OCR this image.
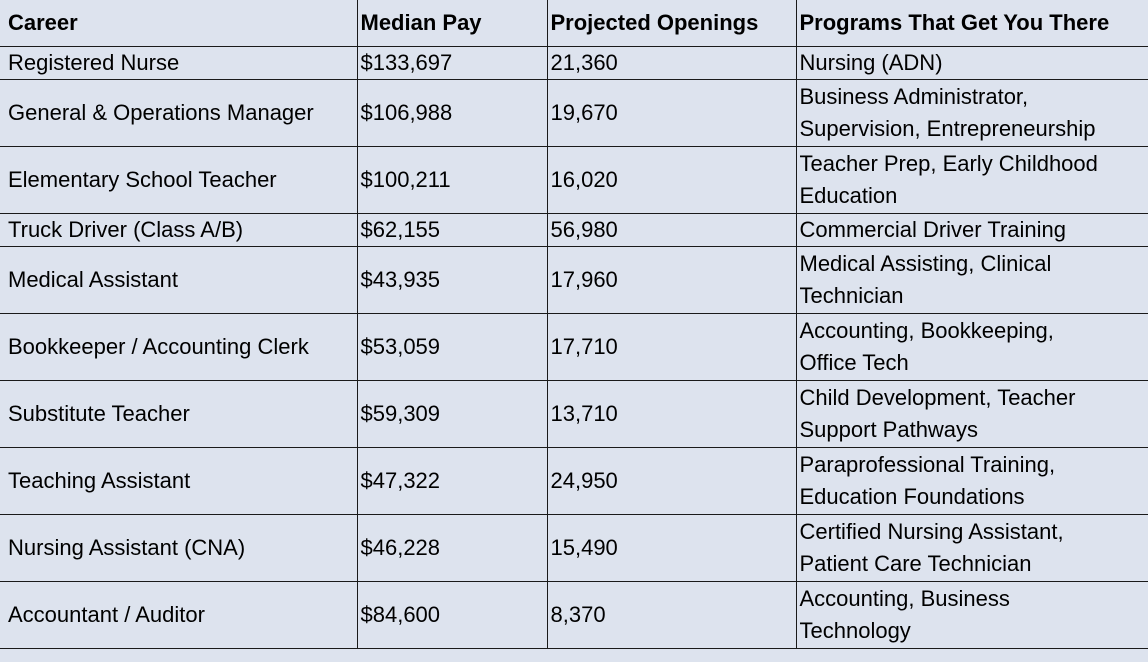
Career	Median Pay	Projected Openings	Programs That Get You There
Registered Nurse	$133,697	21,360	Nursing (ADN)

General & Operations Manager	$106,988	19,670	Business Administrator,
Supervision, Entrepreneurship

Elementary School Teacher	$100,211	16,020	Teacher Prep, Early Childhood
Education

Truck Driver (Class A/B)	$62,155	56,980	Commercial Driver Training

Medical Assistant	$43,935	17,960	Medical Assisting, Clinical
Technician

Bookkeeper / Accounting Clerk	$53,059	17,710	Accounting, Bookkeeping,
Office Tech

Substitute Teacher	$59,309	13,710	Child Development, Teacher
Support Pathways

Teaching Assistant	$47,322	24,950	Paraprofessional Training,
Education Foundations

Nursing Assistant (CNA)	$46,228	15,490	Certified Nursing Assistant,
Patient Care Technician

Accountant / Auditor	$84,600	8,370	Accounting, Business
Technology
